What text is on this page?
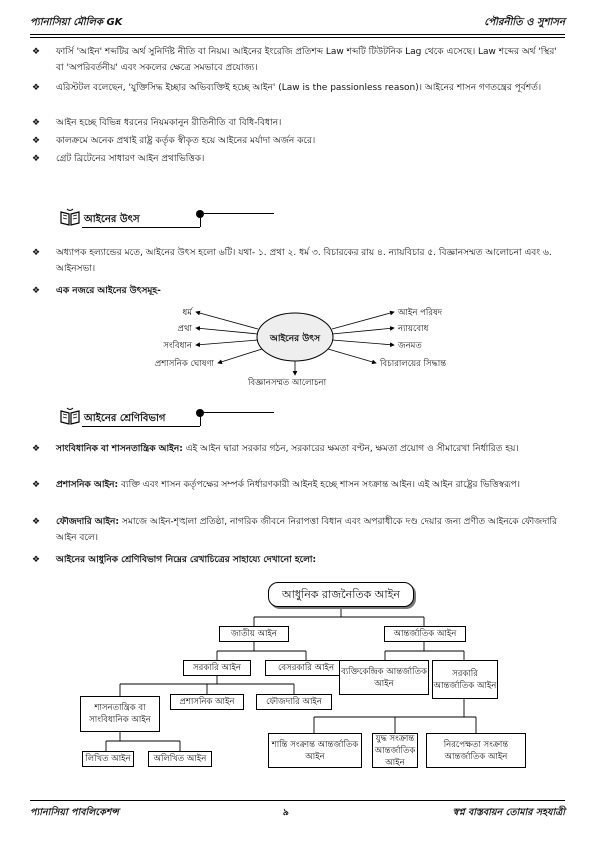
প্যানাসিয়া মৌলিক GK	পৌরনীতি ও সুশাসন
❖ ফার্সি 'আইন' শব্দটির অর্থ সুনির্দিষ্ট নীতি বা নিয়ম। আইনের ইংরেজি প্রতিশব্দ Law শব্দটি টিউটনিক Lag থেকে এসেছে। Law শব্দের অর্থ 'স্থির' বা 'অপরিবর্তনীয়' এবং সকলের ক্ষেত্রে সমভাবে প্রযোজ্য।
❖ এরিস্টটল বলেছেন, 'যুক্তিসিদ্ধ ইচ্ছার অভিব্যক্তিই হচ্ছে আইন' (Law is the passionless reason)। আইনের শাসন গণতন্ত্রের পূর্বশর্ত।
❖ আইন হচ্ছে বিভিন্ন ধরনের নিয়মকানুন রীতিনীতি বা বিধি-বিধান।
❖ কালক্রমে অনেক প্রথাই রাষ্ট্র কর্তৃক স্বীকৃত হয়ে আইনের মর্যাদা অর্জন করে।
❖ গ্রেট ব্রিটেনের সাধারণ আইন প্রথাভিত্তিক।
আইনের উৎস
❖ অধ্যাপক হল্যান্ডের মতে, আইনের উৎস হলো ৬টি। যথা- ১. প্রথা ২. ধর্ম ৩. বিচারকের রায় ৪. ন্যায়বিচার ৫. বিজ্ঞানসম্মত আলোচনা এবং ৬. আইনসভা।
❖ এক নজরে আইনের উৎসমূহ-
আইনের উৎস
ধর্ম
প্রথা
সংবিধান
প্রশাসনিক ঘোষণা
আইন পরিষদ
ন্যায়বোধ
জনমত
বিচারালয়ের সিদ্ধান্ত
বিজ্ঞানসম্মত আলোচনা
আইনের শ্রেণিবিভাগ
❖ সাংবিধানিক বা শাসনতান্ত্রিক আইন: এই আইন দ্বারা সরকার গঠন, সরকারের ক্ষমতা বণ্টন, ক্ষমতা প্রয়োগ ও সীমারেখা নির্ধারিত হয়।
❖ প্রশাসনিক আইন: ব্যক্তি এবং শাসন কর্তৃপক্ষের সম্পর্ক নির্ধারণকারী আইনই হচ্ছে শাসন সংক্রান্ত আইন। এই আইন রাষ্ট্রের ভিত্তিস্বরূপ।
❖ ফৌজদারি আইন: সমাজে আইন-শৃঙ্খলা প্রতিষ্ঠা, নাগরিক জীবনে নিরাপত্তা বিধান এবং অপরাধীকে দণ্ড দেয়ার জন্য প্রণীত আইনকে ফৌজদারি আইন বলে।
❖ আইনের আধুনিক শ্রেণিবিভাগ নিম্নের রেখাচিত্রের সাহায্যে দেখানো হলো:
আধুনিক রাজনৈতিক আইন
জাতীয় আইন	আন্তর্জাতিক আইন
সরকারি আইন	বেসরকারি আইন ব্যক্তিকেন্দ্রিক আন্তর্জাতিক আইন
সরকারি আন্তর্জাতিক আইন
শাসনতান্ত্রিক বা সাংবিধানিক আইন
প্রশাসনিক আইন	ফৌজদারি আইন
লিখিত আইন	অলিখিত আইন
শান্তি সংক্রান্ত আন্তর্জাতিক আইন
যুদ্ধ সংক্রান্ত আন্তর্জাতিক আইন
নিরপেক্ষতা সংক্রান্ত আন্তর্জাতিক আইন
প্যানাসিয়া পাবলিকেশন্স	৯	স্বপ্ন বাস্তবায়ন তোমার সহযাত্রী
